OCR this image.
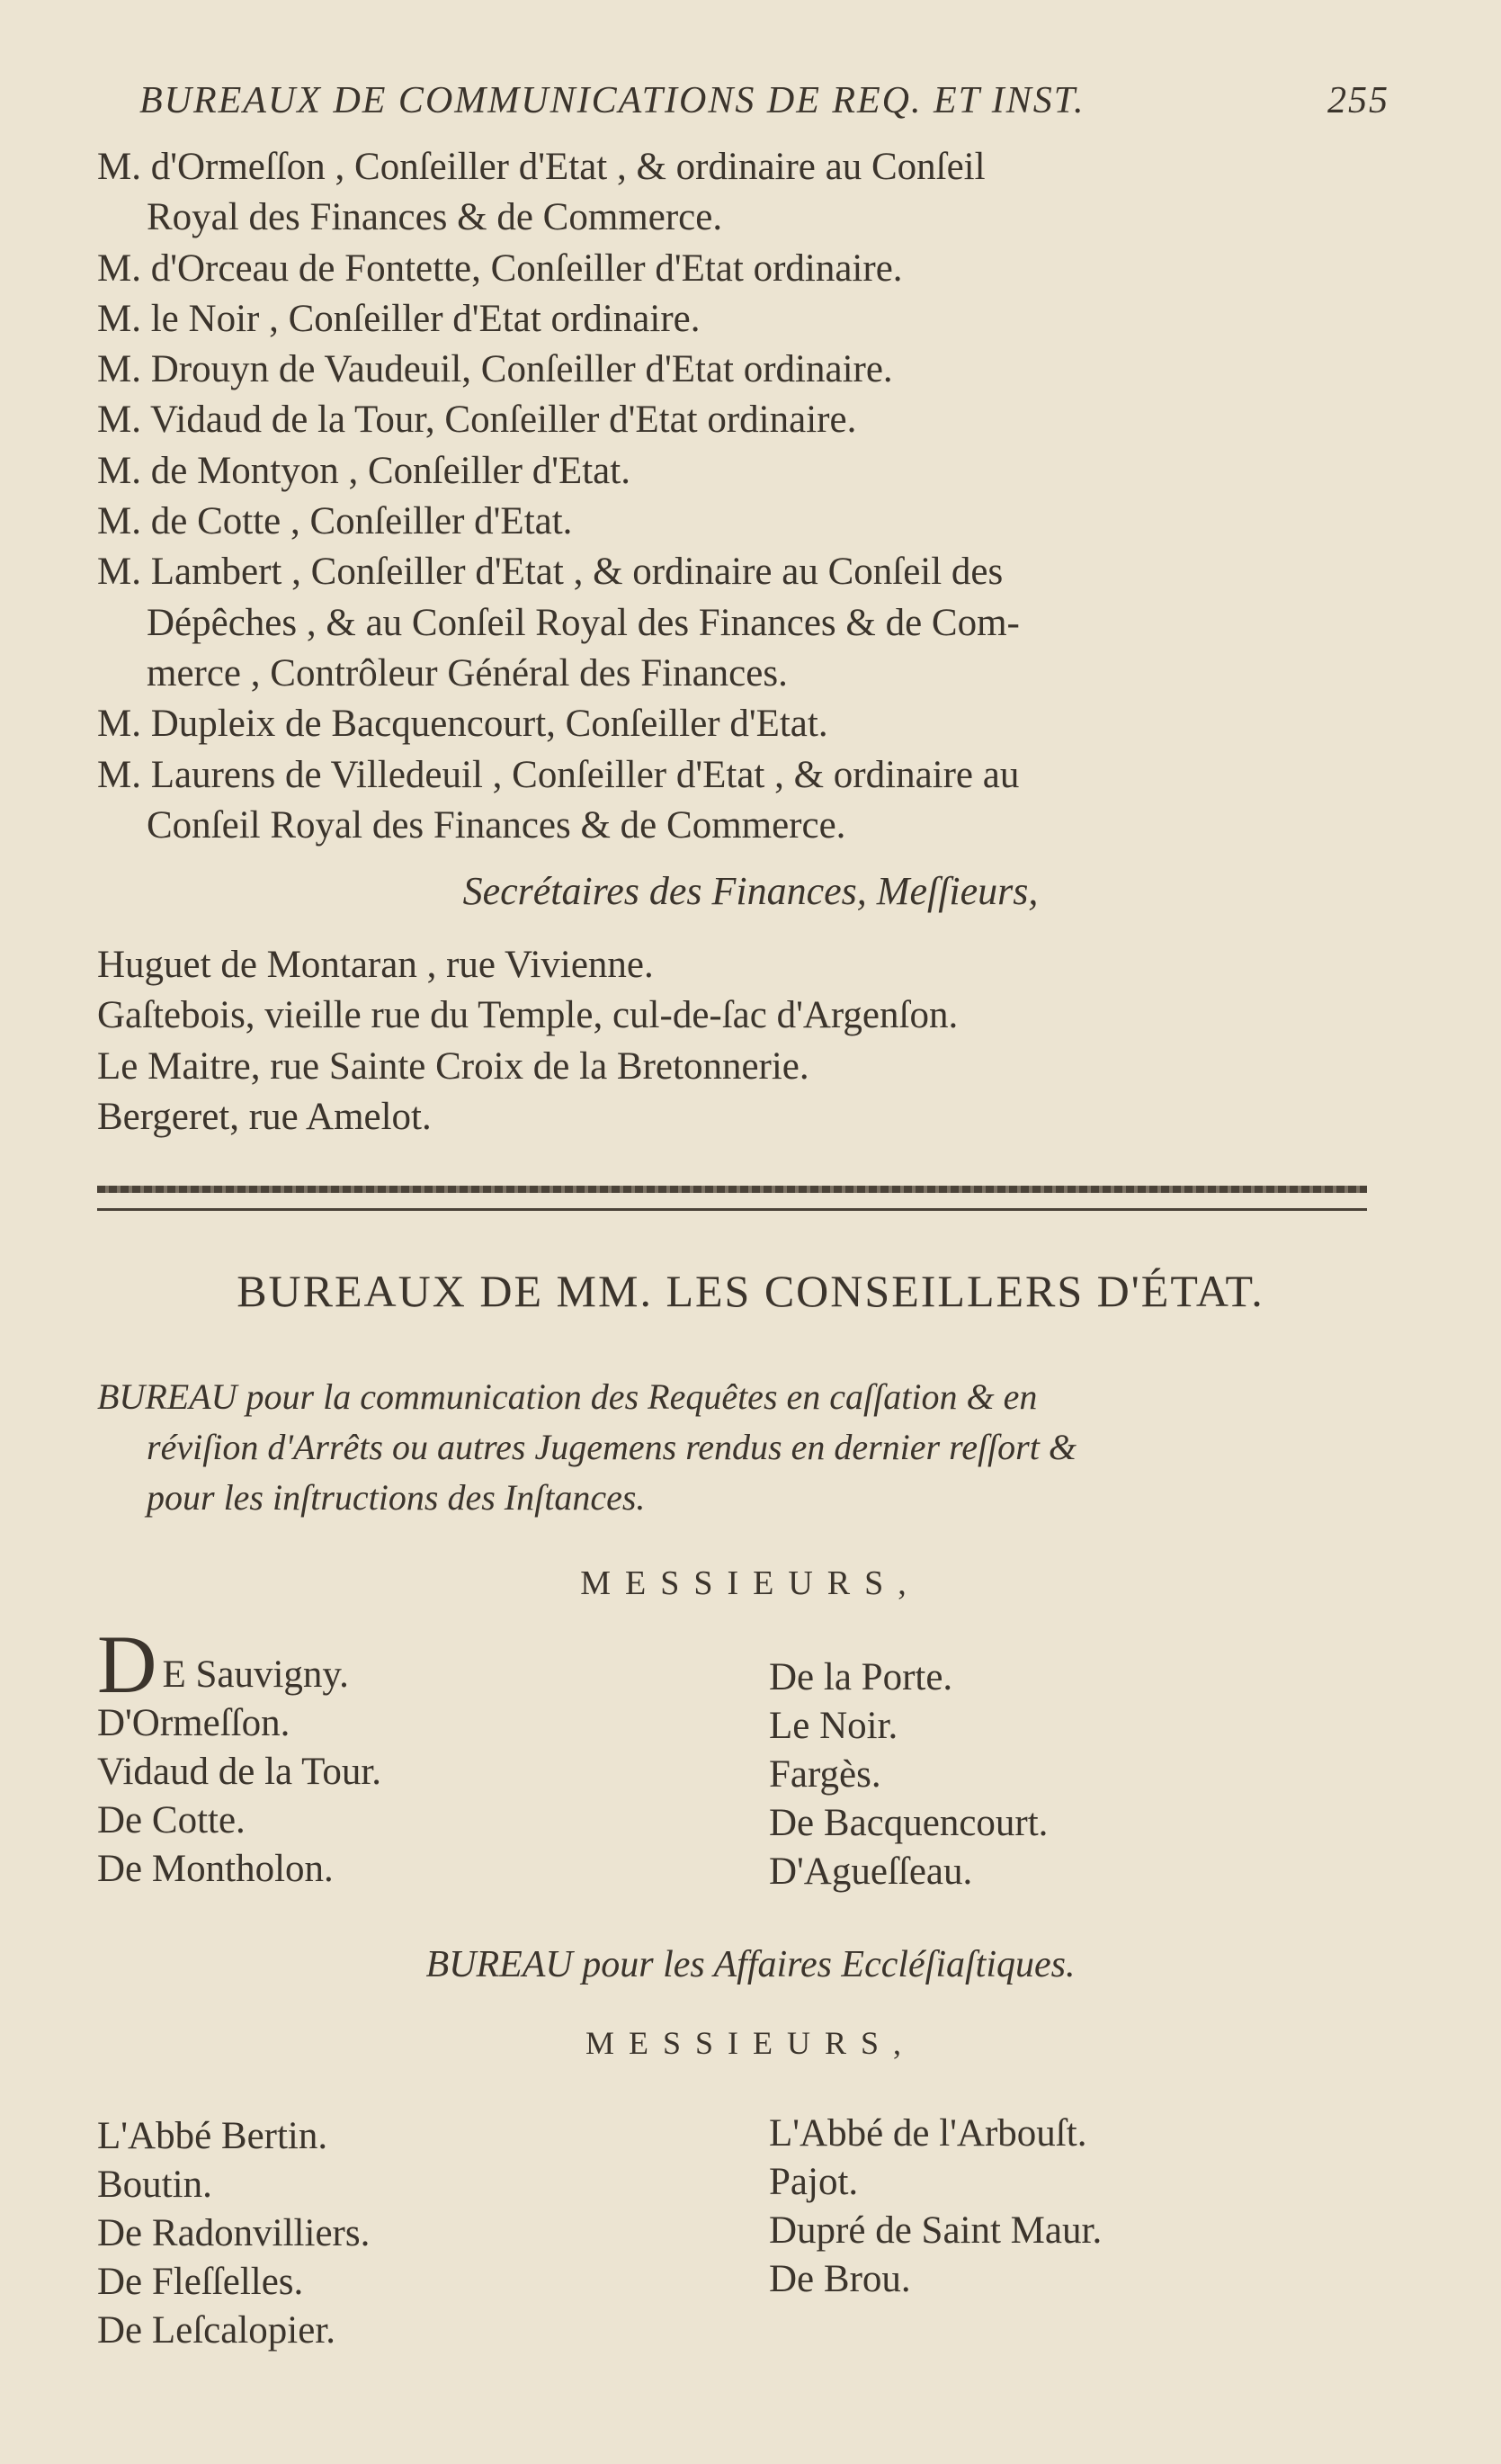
BUREAUX DE COMMUNICATIONS DE REQ. ET INST.	255
M. d'Ormeſſon , Conſeiller d'Etat , & ordinaire au Conſeil
Royal des Finances & de Commerce.
M. d'Orceau de Fontette, Conſeiller d'Etat ordinaire.
M. le Noir , Conſeiller d'Etat ordinaire.
M. Drouyn de Vaudeuil, Conſeiller d'Etat ordinaire.
M. Vidaud de la Tour, Conſeiller d'Etat ordinaire.
M. de Montyon , Conſeiller d'Etat.
M. de Cotte , Conſeiller d'Etat.
M. Lambert , Conſeiller d'Etat , & ordinaire au Conſeil des
Dépêches , & au Conſeil Royal des Finances & de Com-
merce , Contrôleur Général des Finances.
M. Dupleix de Bacquencourt, Conſeiller d'Etat.
M. Laurens de Villedeuil , Conſeiller d'Etat , & ordinaire au
Conſeil Royal des Finances & de Commerce.
Secrétaires des Finances, Meſſieurs,
Huguet de Montaran , rue Vivienne.
Gaſtebois, vieille rue du Temple, cul-de-ſac d'Argenſon.
Le Maitre, rue Sainte Croix de la Bretonnerie.
Bergeret, rue Amelot.
BUREAUX DE MM. LES CONSEILLERS D'ÉTAT.
BUREAU pour la communication des Requêtes en caſſation & en
réviſion d'Arrêts ou autres Jugemens rendus en dernier reſſort &
pour les inſtructions des Inſtances.
MESSIEURS,
D E Sauvigny.
D'Ormeſſon.
Vidaud de la Tour.
De Cotte.
De Montholon.
De la Porte.
Le Noir.
Fargès.
De Bacquencourt.
D'Agueſſeau.
BUREAU pour les Affaires Eccléſiaſtiques.
MESSIEURS,
L'Abbé Bertin.
Boutin.
De Radonvilliers.
De Fleſſelles.
De Leſcalopier.
L'Abbé de l'Arbouſt.
Pajot.
Dupré de Saint Maur.
De Brou.
